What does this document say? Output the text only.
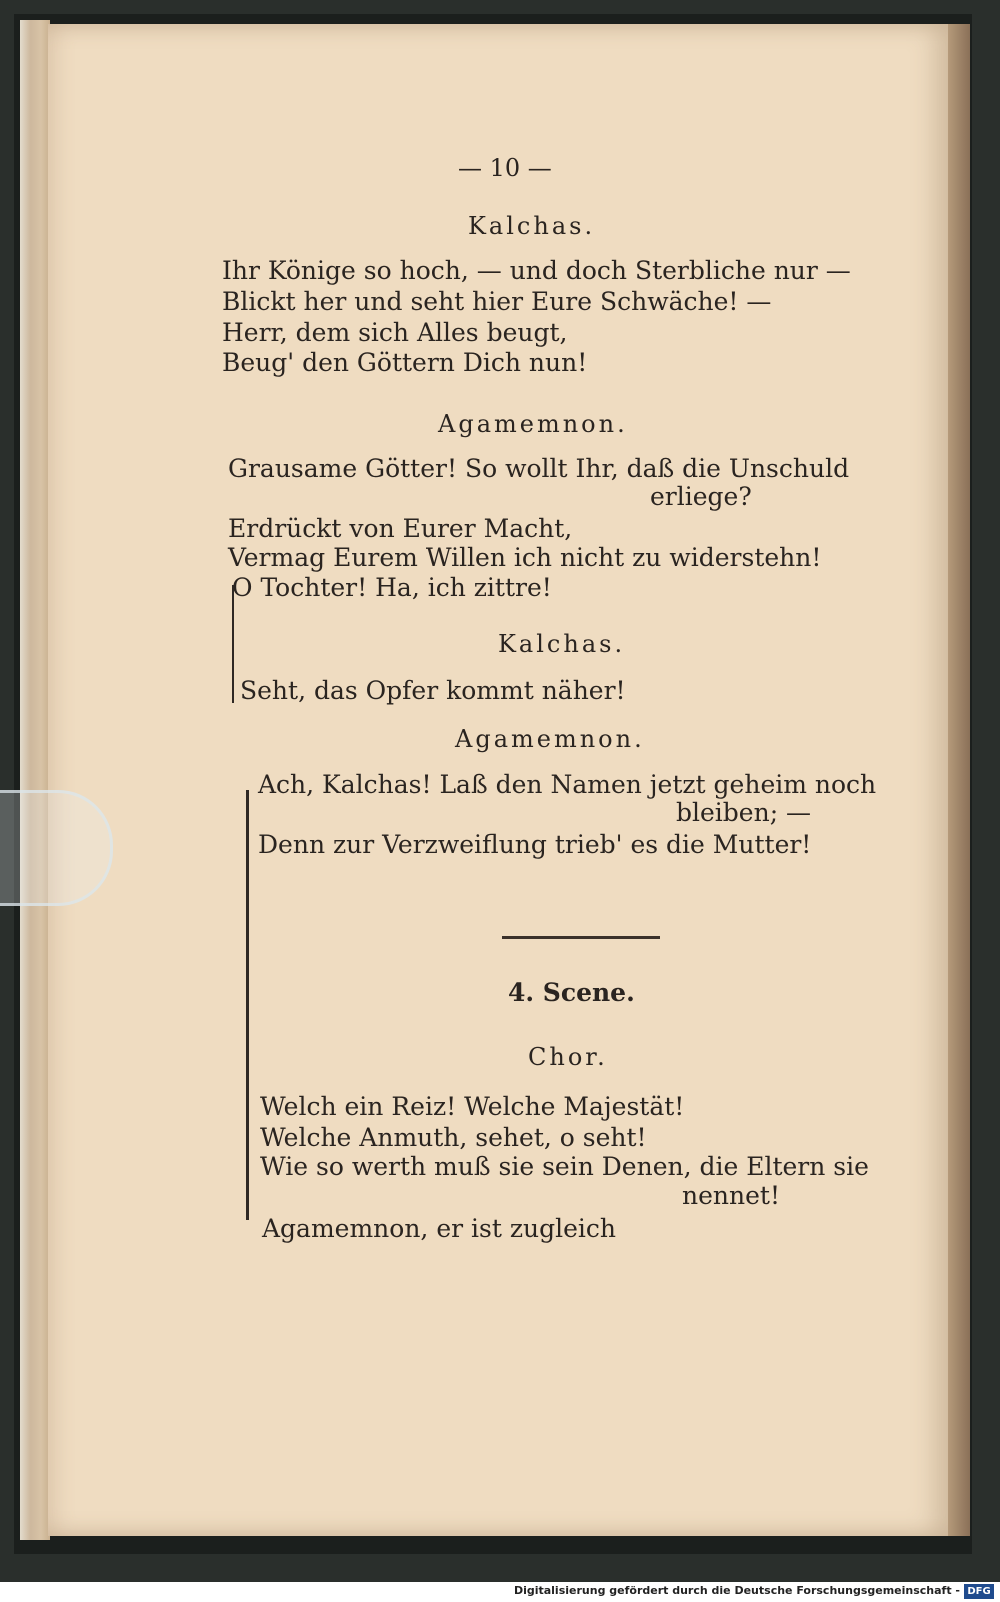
— 10 —
Kalchas.
Ihr Könige so hoch, — und doch Sterbliche nur —
Blickt her und seht hier Eure Schwäche! —
Herr, dem sich Alles beugt,
Beug' den Göttern Dich nun!
Agamemnon.
Grausame Götter! So wollt Ihr, daß die Unschuld
erliege?
Erdrückt von Eurer Macht,
Vermag Eurem Willen ich nicht zu widerstehn!
O Tochter! Ha, ich zittre!
Kalchas.
Seht, das Opfer kommt näher!
Agamemnon.
Ach, Kalchas! Laß den Namen jetzt geheim noch
bleiben; —
Denn zur Verzweiflung trieb' es die Mutter!
4. Scene.
Chor.
Welch ein Reiz! Welche Majestät!
Welche Anmuth, sehet, o seht!
Wie so werth muß sie sein Denen, die Eltern sie
nennet!
Agamemnon, er ist zugleich
Digitalisierung gefördert durch die Deutsche Forschungsgemeinschaft - DFG
